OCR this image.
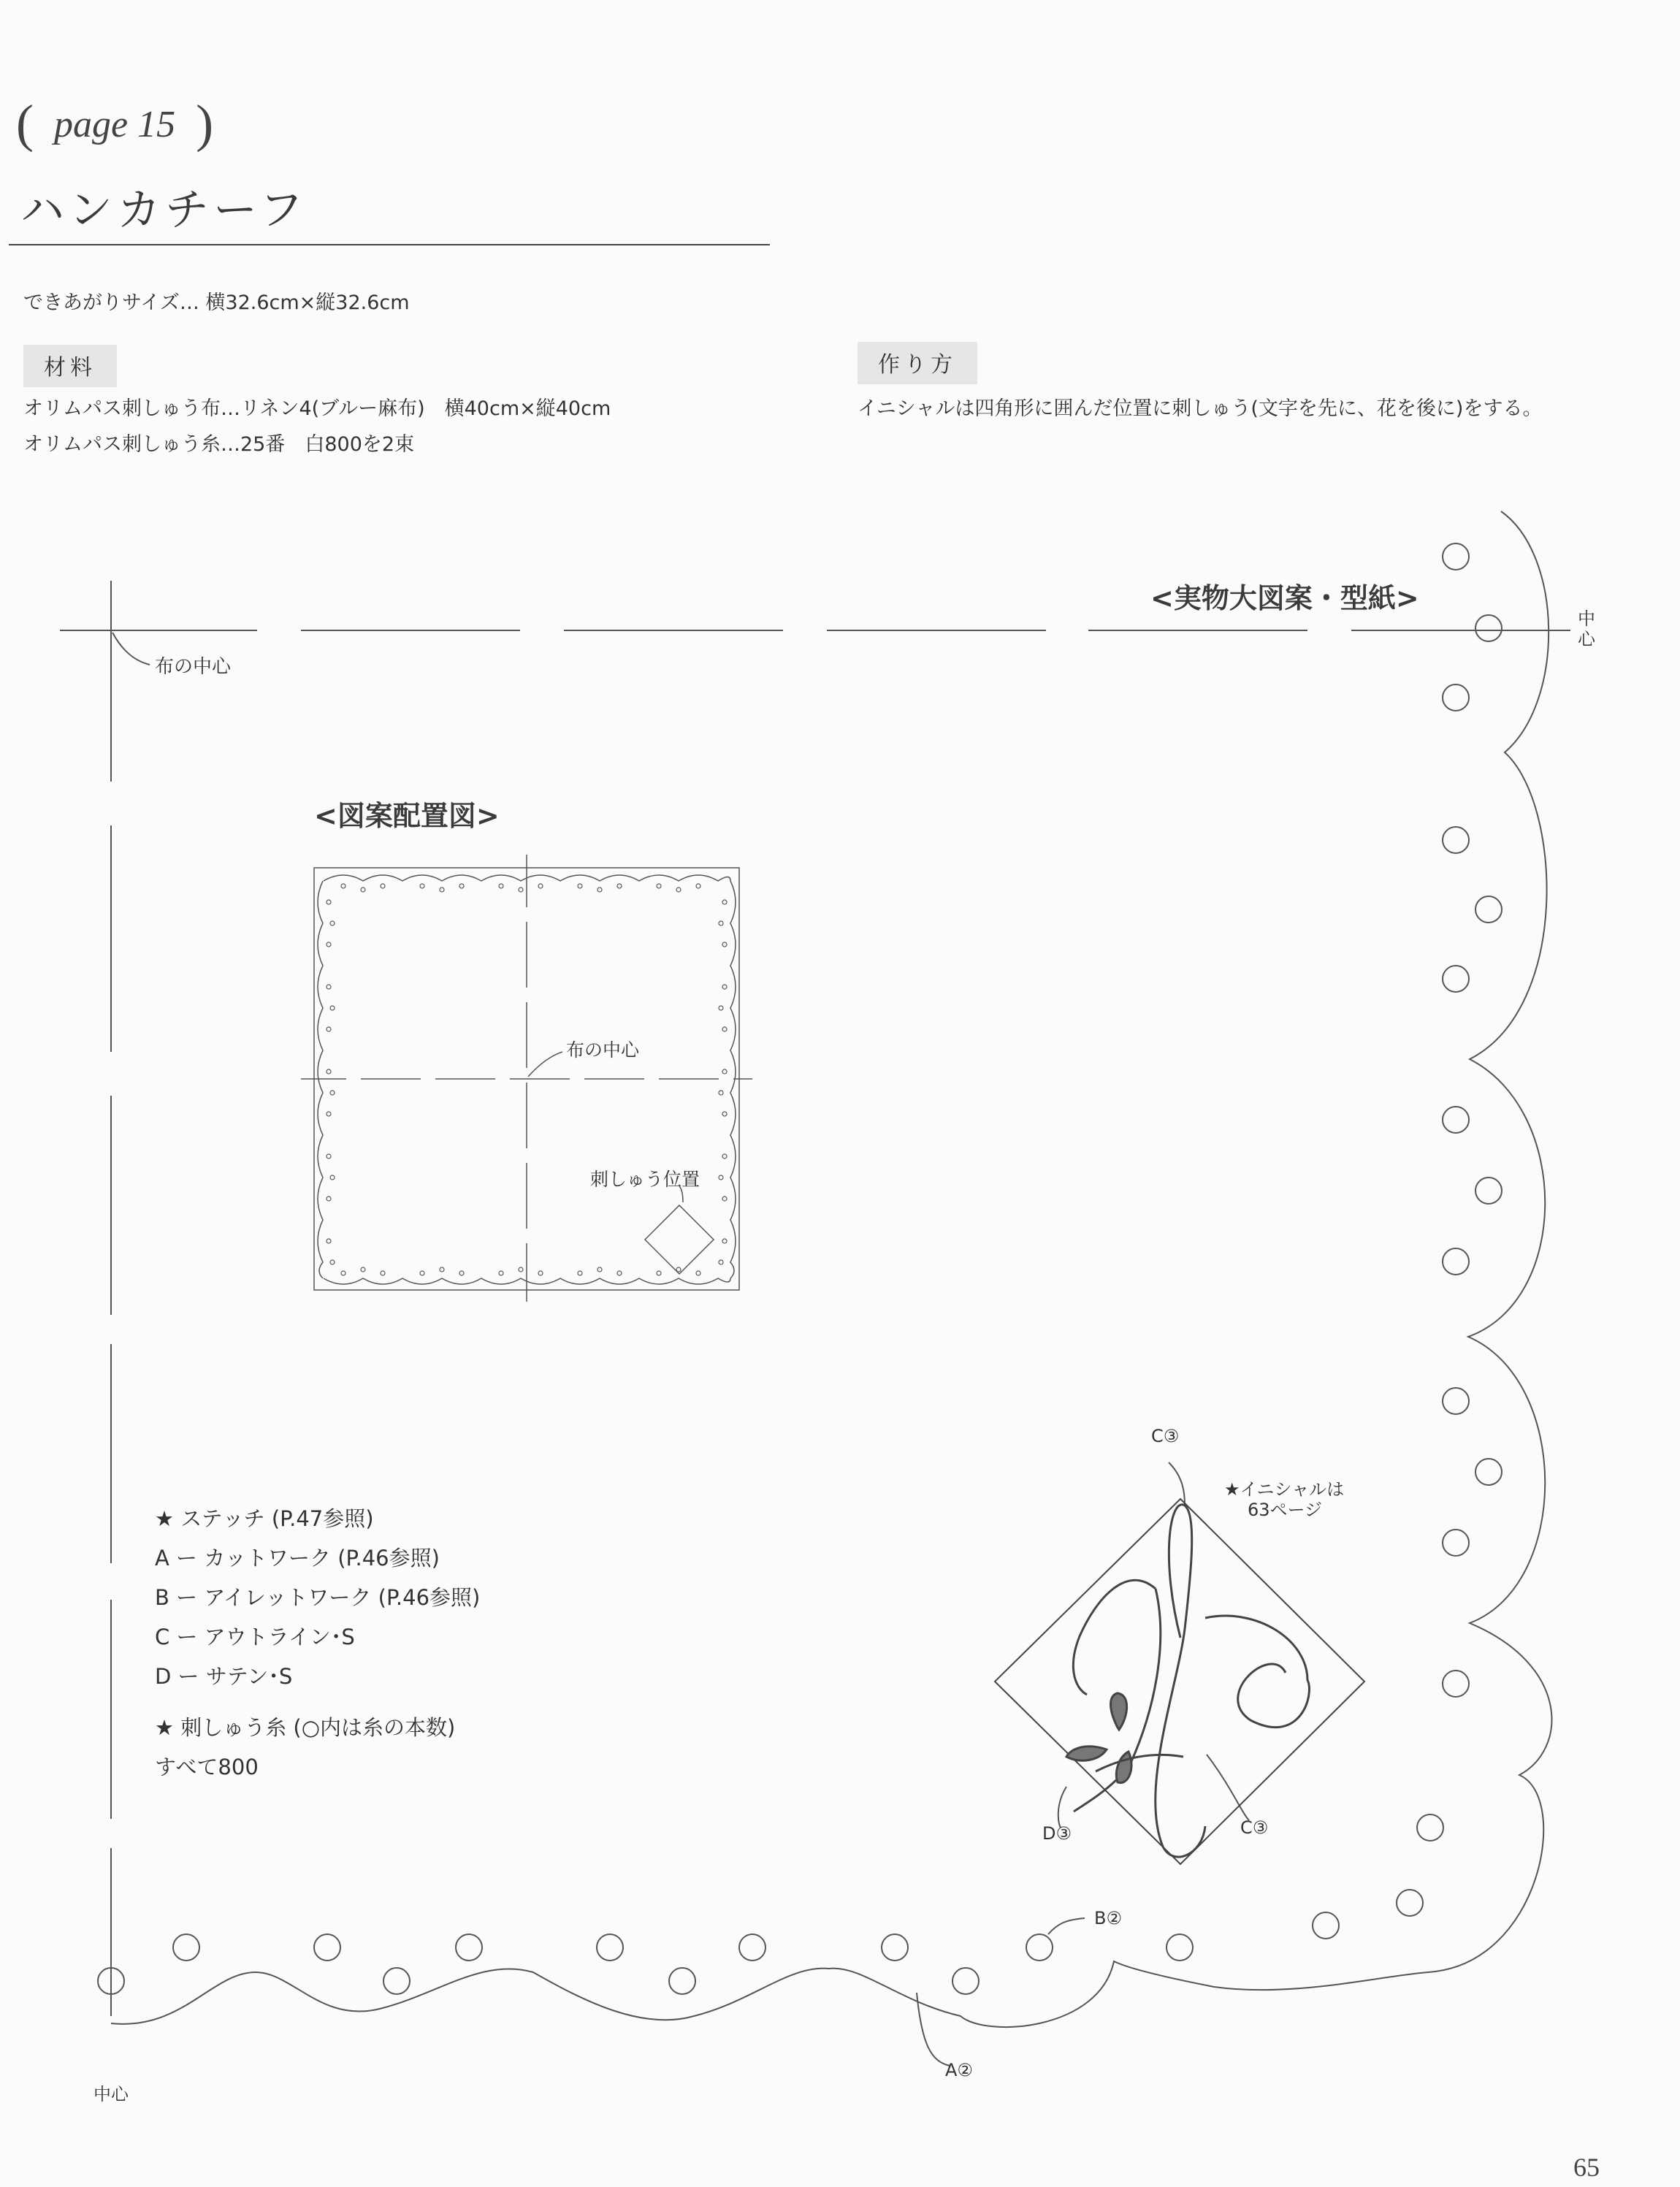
( page 15 )
ハンカチーフ
できあがりサイズ… 横32.6cm×縦32.6cm
材料
オリムパス刺しゅう布…リネン4(ブルー麻布)　横40cm×縦40cm
オリムパス刺しゅう糸…25番　白800を2束
作り方
イニシャルは四角形に囲んだ位置に刺しゅう(文字を先に、花を後に)をする。
<実物大図案・型紙>
布の中心
中
心
中心
★イニシャルは
63ページ
C③
C③
D③
B②
A②
<図案配置図>
布の中心
刺しゅう位置
★ ステッチ (P.47参照)
A ー カットワーク (P.46参照)
B ー アイレットワーク (P.46参照)
C ー アウトライン･S
D ー サテン･S
★ 刺しゅう糸 (○内は糸の本数)
すべて800
65
